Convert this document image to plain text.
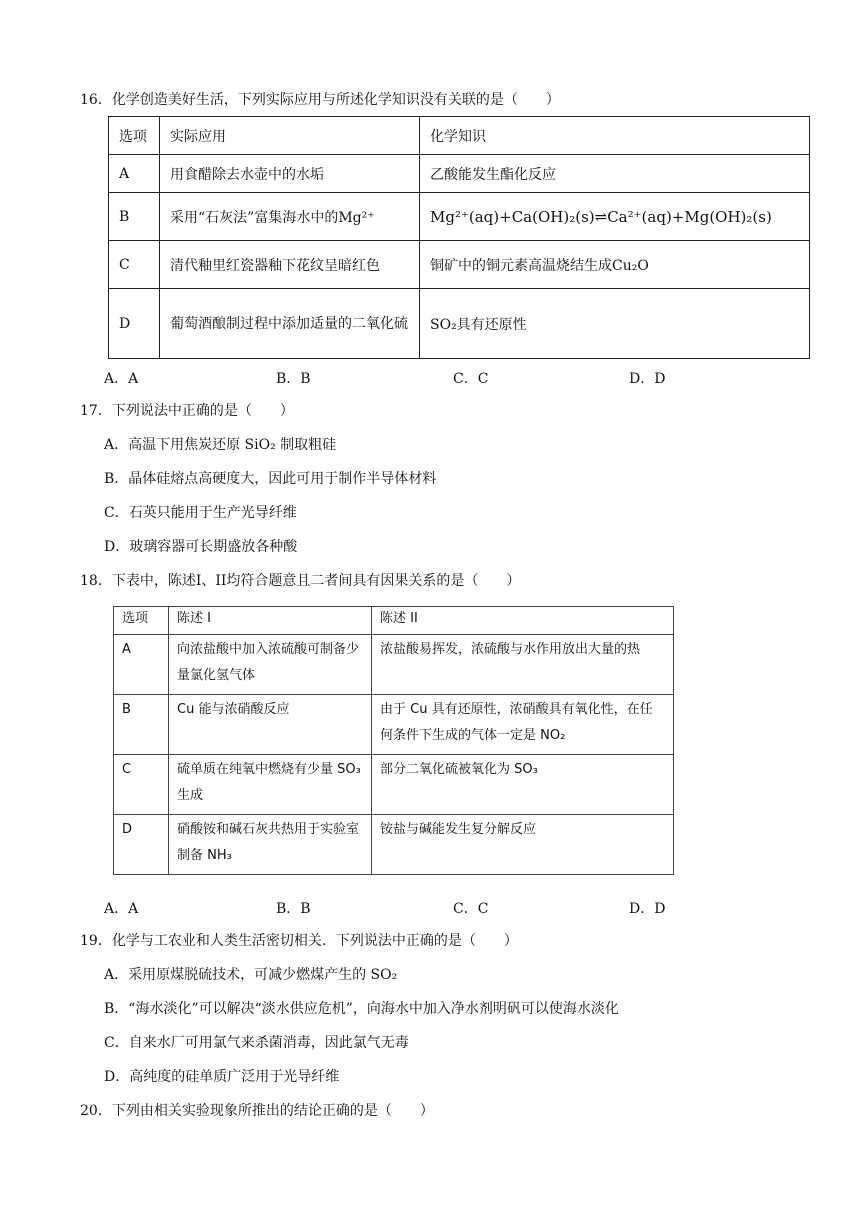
16．化学创造美好生活，下列实际应用与所述化学知识没有关联的是（　　）
选项	实际应用	化学知识
A	用食醋除去水壶中的水垢	乙酸能发生酯化反应
B	采用“石灰法”富集海水中的Mg²⁺	Mg²⁺(aq)+Ca(OH)₂(s)⇌Ca²⁺(aq)+Mg(OH)₂(s)
C	清代釉里红瓷器釉下花纹呈暗红色	铜矿中的铜元素高温烧结生成Cu₂O
D	葡萄酒酿制过程中添加适量的二氧化硫	SO₂具有还原性
A．A	B．B	C．C	D．D
17．下列说法中正确的是（　　）
A．高温下用焦炭还原 SiO₂ 制取粗硅
B．晶体硅熔点高硬度大，因此可用于制作半导体材料
C．石英只能用于生产光导纤维
D．玻璃容器可长期盛放各种酸
18．下表中，陈述I、II均符合题意且二者间具有因果关系的是（　　）
选项	陈述 I	陈述 II
A	向浓盐酸中加入浓硫酸可制备少量氯化氢气体	浓盐酸易挥发，浓硫酸与水作用放出大量的热
B	Cu 能与浓硝酸反应	由于 Cu 具有还原性，浓硝酸具有氧化性，在任何条件下生成的气体一定是 NO₂
C	硫单质在纯氧中燃烧有少量 SO₃ 生成	部分二氧化硫被氧化为 SO₃
D	硝酸铵和碱石灰共热用于实验室制备 NH₃	铵盐与碱能发生复分解反应
A．A	B．B	C．C	D．D
19．化学与工农业和人类生活密切相关．下列说法中正确的是（　　）
A．采用原煤脱硫技术，可减少燃煤产生的 SO₂
B．“海水淡化”可以解决“淡水供应危机”，向海水中加入净水剂明矾可以使海水淡化
C．自来水厂可用氯气来杀菌消毒，因此氯气无毒
D．高纯度的硅单质广泛用于光导纤维
20．下列由相关实验现象所推出的结论正确的是（　　）
